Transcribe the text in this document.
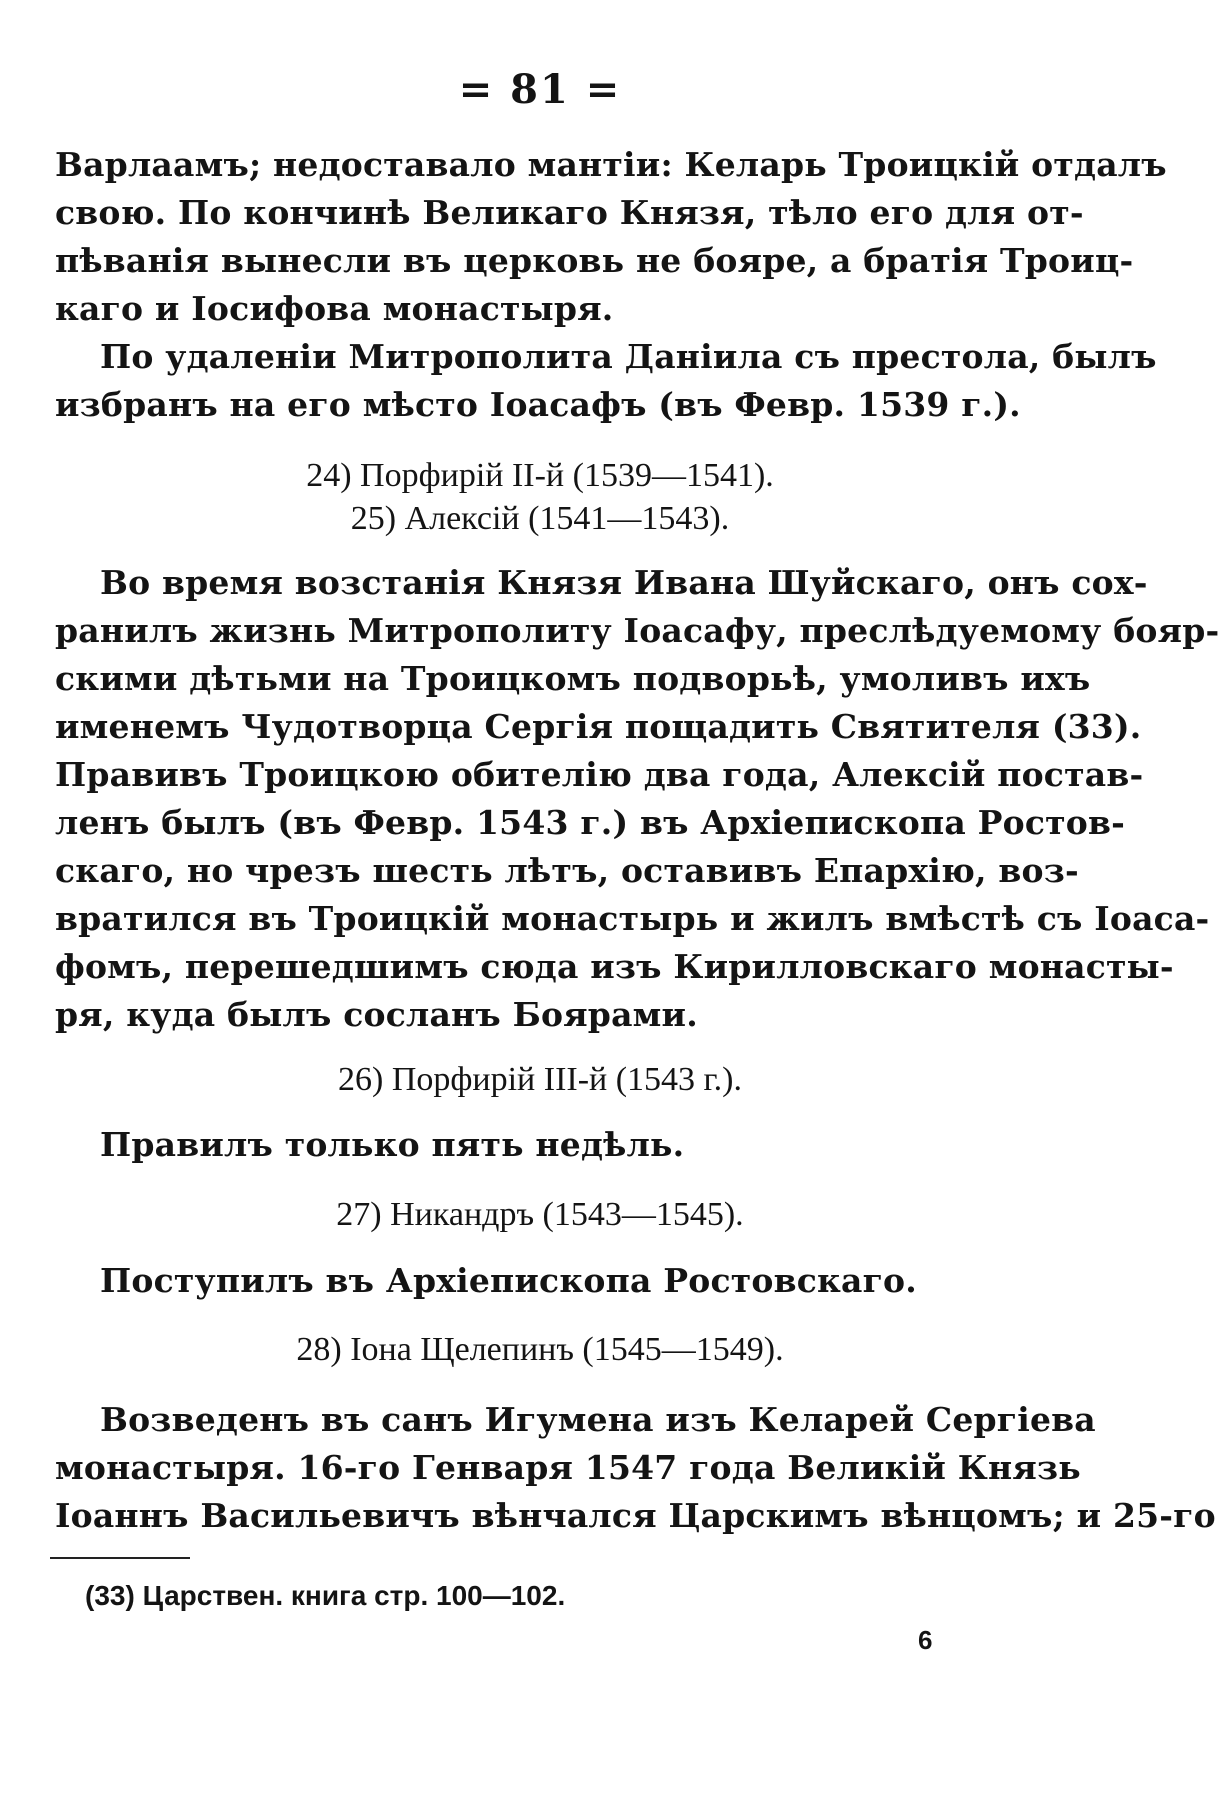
= 81 =
Варлаамъ; недоставало мантіи: Келарь Троицкій отдалъ
свою. По кончинѣ Великаго Князя, тѣло его для от-
пѣванія вынесли въ церковь не бояре, а братія Троиц-
каго и Іосифова монастыря.
По удаленіи Митрополита Даніила съ престола, былъ
избранъ на его мѣсто Іоасафъ (въ Февр. 1539 г.).
24) Порфирій II-й (1539—1541).
25) Алексій (1541—1543).
Во время возстанія Князя Ивана Шуйскаго, онъ сох-
ранилъ жизнь Митрополиту Іоасафу, преслѣдуемому бояр-
скими дѣтьми на Троицкомъ подворьѣ, умоливъ ихъ
именемъ Чудотворца Сергія пощадить Святителя (33).
Правивъ Троицкою обителію два года, Алексій постав-
ленъ былъ (въ Февр. 1543 г.) въ Архіепископа Ростов-
скаго, но чрезъ шесть лѣтъ, оставивъ Епархію, воз-
вратился въ Троицкій монастырь и жилъ вмѣстѣ съ Іоаса-
фомъ, перешедшимъ сюда изъ Кирилловскаго монасты-
ря, куда былъ сосланъ Боярами.
26) Порфирій III-й (1543 г.).
Правилъ только пять недѣль.
27) Никандръ (1543—1545).
Поступилъ въ Архіепископа Ростовскаго.
28) Іона Щелепинъ (1545—1549).
Возведенъ въ санъ Игумена изъ Келарей Сергіева
монастыря. 16-го Генваря 1547 года Великій Князь
Іоаннъ Васильевичъ вѣнчался Царскимъ вѣнцомъ; и 25-го
(33) Царствен. книга стр. 100—102.
6
